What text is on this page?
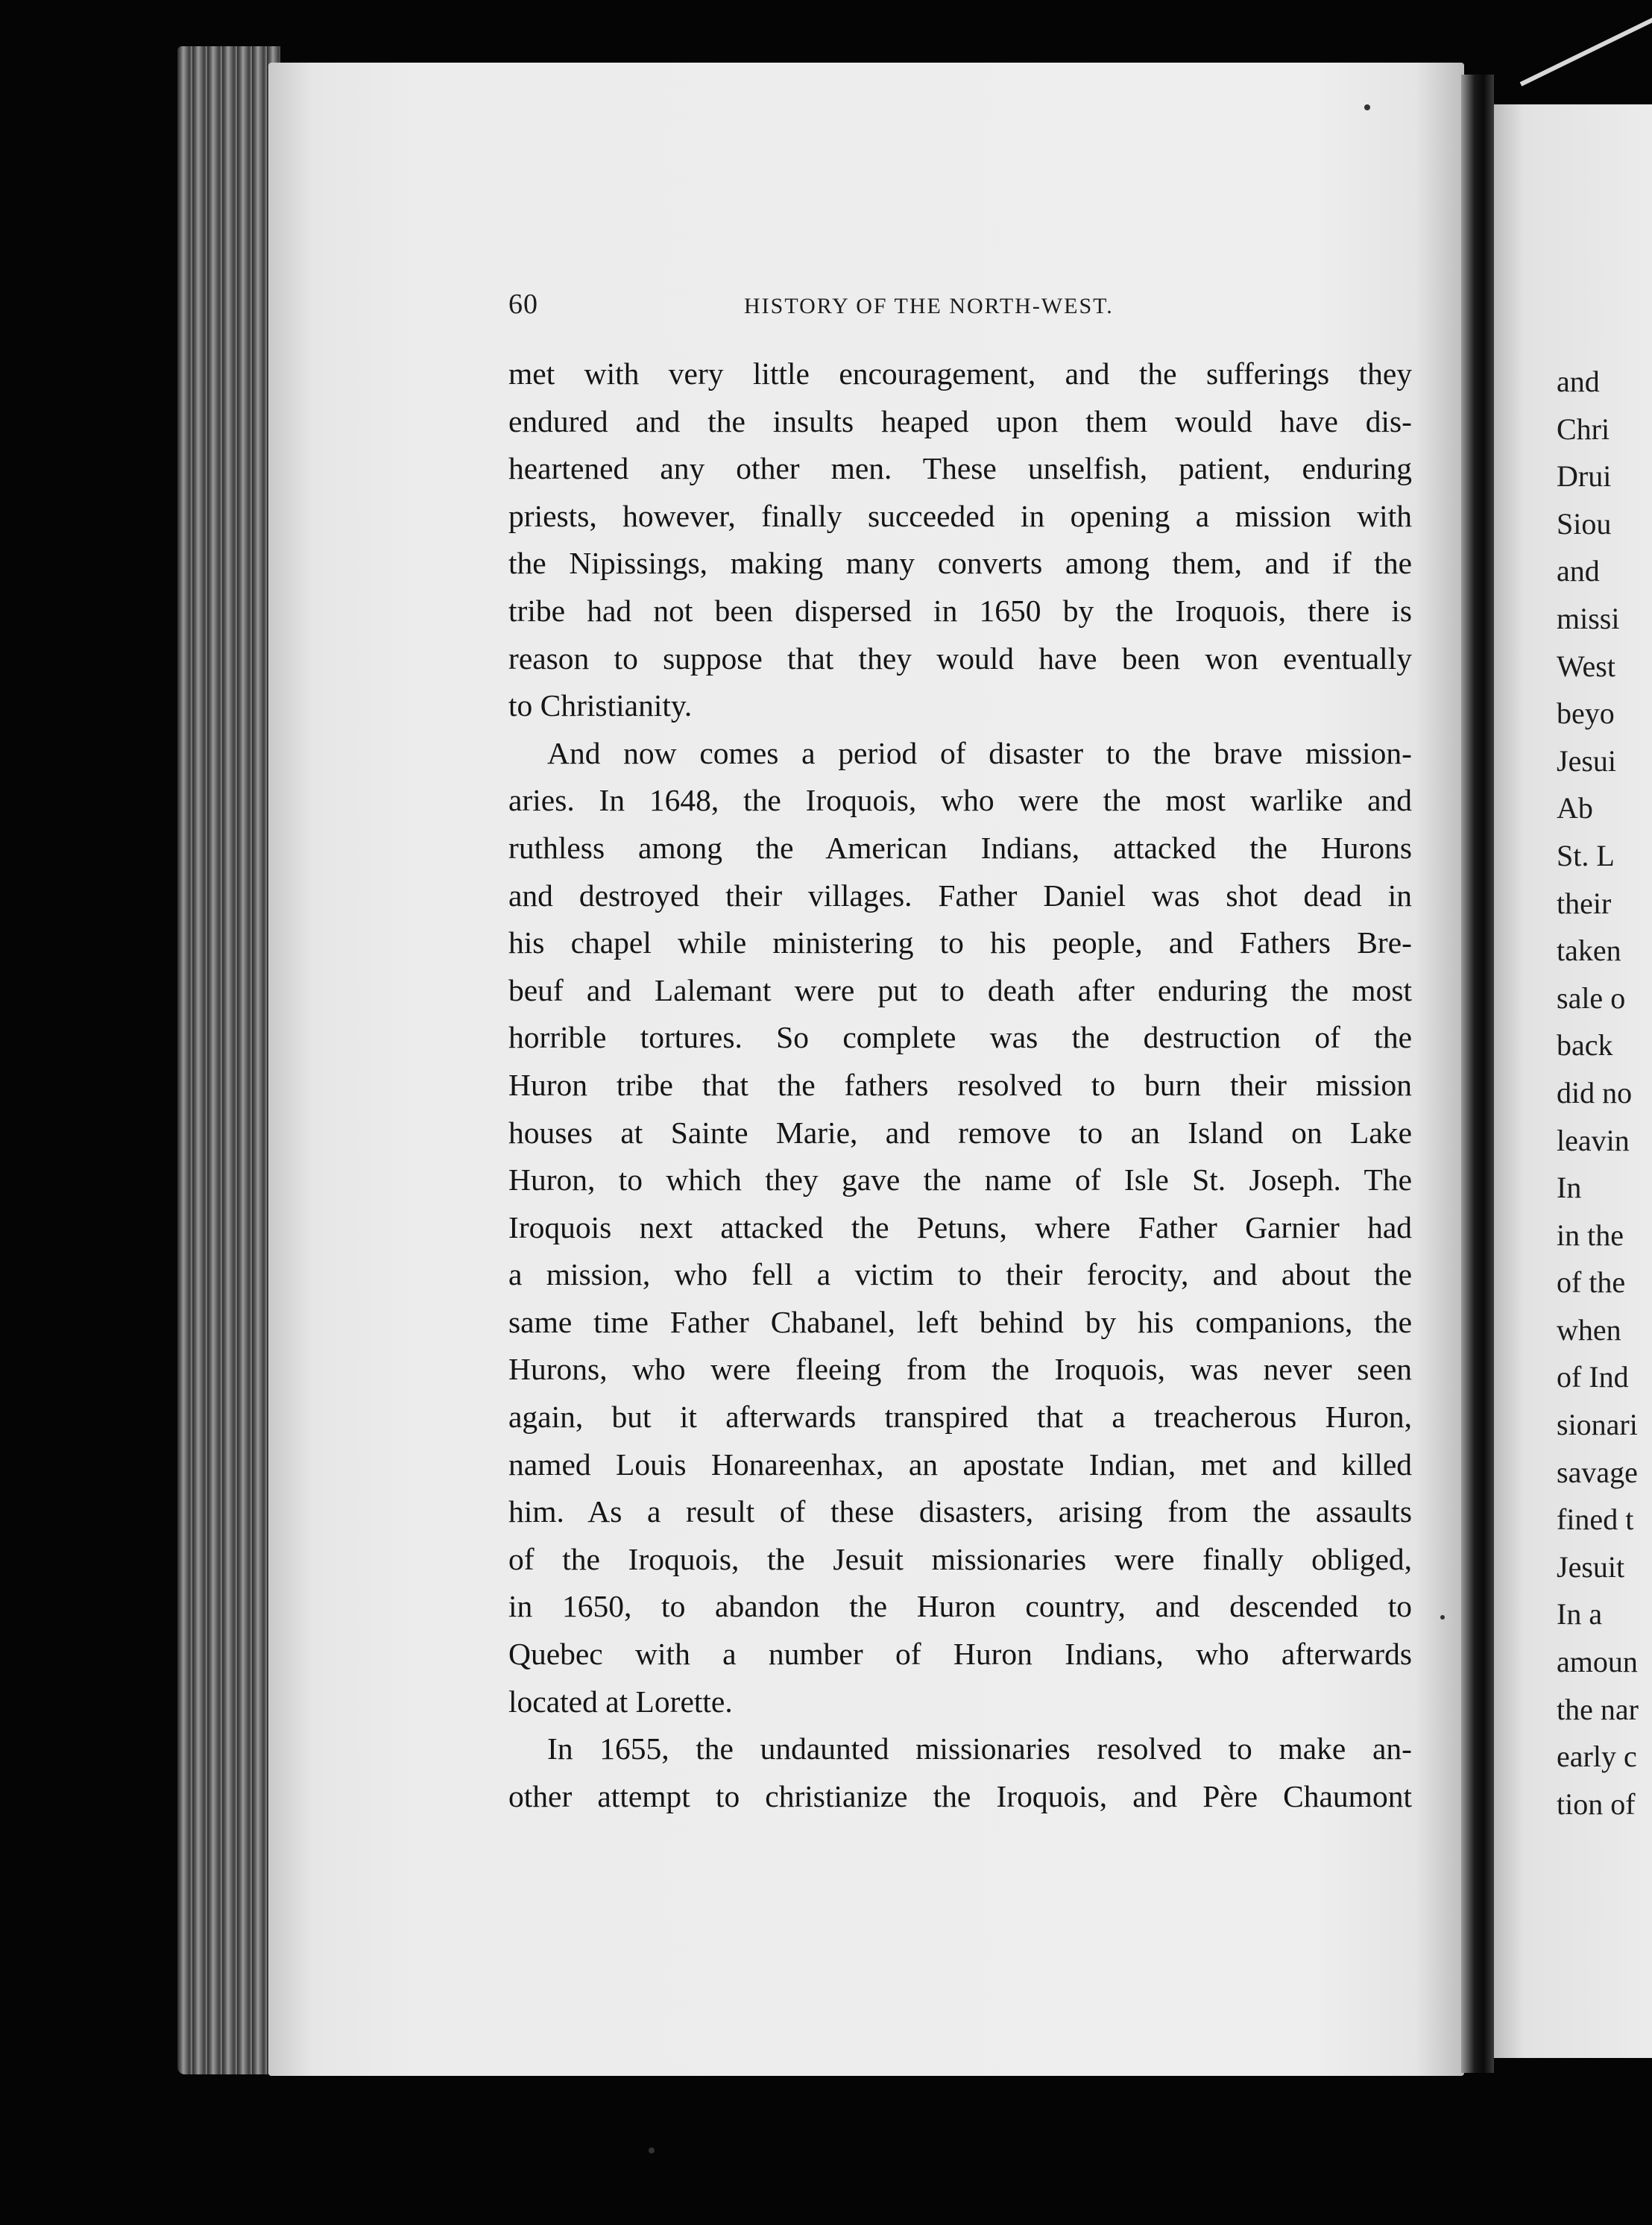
60	HISTORY OF THE NORTH-WEST.
met with very little encouragement, and the sufferings they
endured and the insults heaped upon them would have dis-
heartened any other men. These unselfish, patient, enduring
priests, however, finally succeeded in opening a mission with
the Nipissings, making many converts among them, and if the
tribe had not been dispersed in 1650 by the Iroquois, there is
reason to suppose that they would have been won eventually
to Christianity.
And now comes a period of disaster to the brave mission-
aries. In 1648, the Iroquois, who were the most warlike and
ruthless among the American Indians, attacked the Hurons
and destroyed their villages. Father Daniel was shot dead in
his chapel while ministering to his people, and Fathers Bre-
beuf and Lalemant were put to death after enduring the most
horrible tortures. So complete was the destruction of the
Huron tribe that the fathers resolved to burn their mission
houses at Sainte Marie, and remove to an Island on Lake
Huron, to which they gave the name of Isle St. Joseph. The
Iroquois next attacked the Petuns, where Father Garnier had
a mission, who fell a victim to their ferocity, and about the
same time Father Chabanel, left behind by his companions, the
Hurons, who were fleeing from the Iroquois, was never seen
again, but it afterwards transpired that a treacherous Huron,
named Louis Honareenhax, an apostate Indian, met and killed
him. As a result of these disasters, arising from the assaults
of the Iroquois, the Jesuit missionaries were finally obliged,
in 1650, to abandon the Huron country, and descended to
Quebec with a number of Huron Indians, who afterwards
located at Lorette.
In 1655, the undaunted missionaries resolved to make an-
other attempt to christianize the Iroquois, and Père Chaumont
and
Chri
Drui
Siou
and
missi
West
beyo
Jesui
Ab
St. L
their
taken
sale o
back
did no
leavin
In
in the
of the
when
of Ind
sionari
savage
fined t
Jesuit
In a
amoun
the nar
early c
tion of
